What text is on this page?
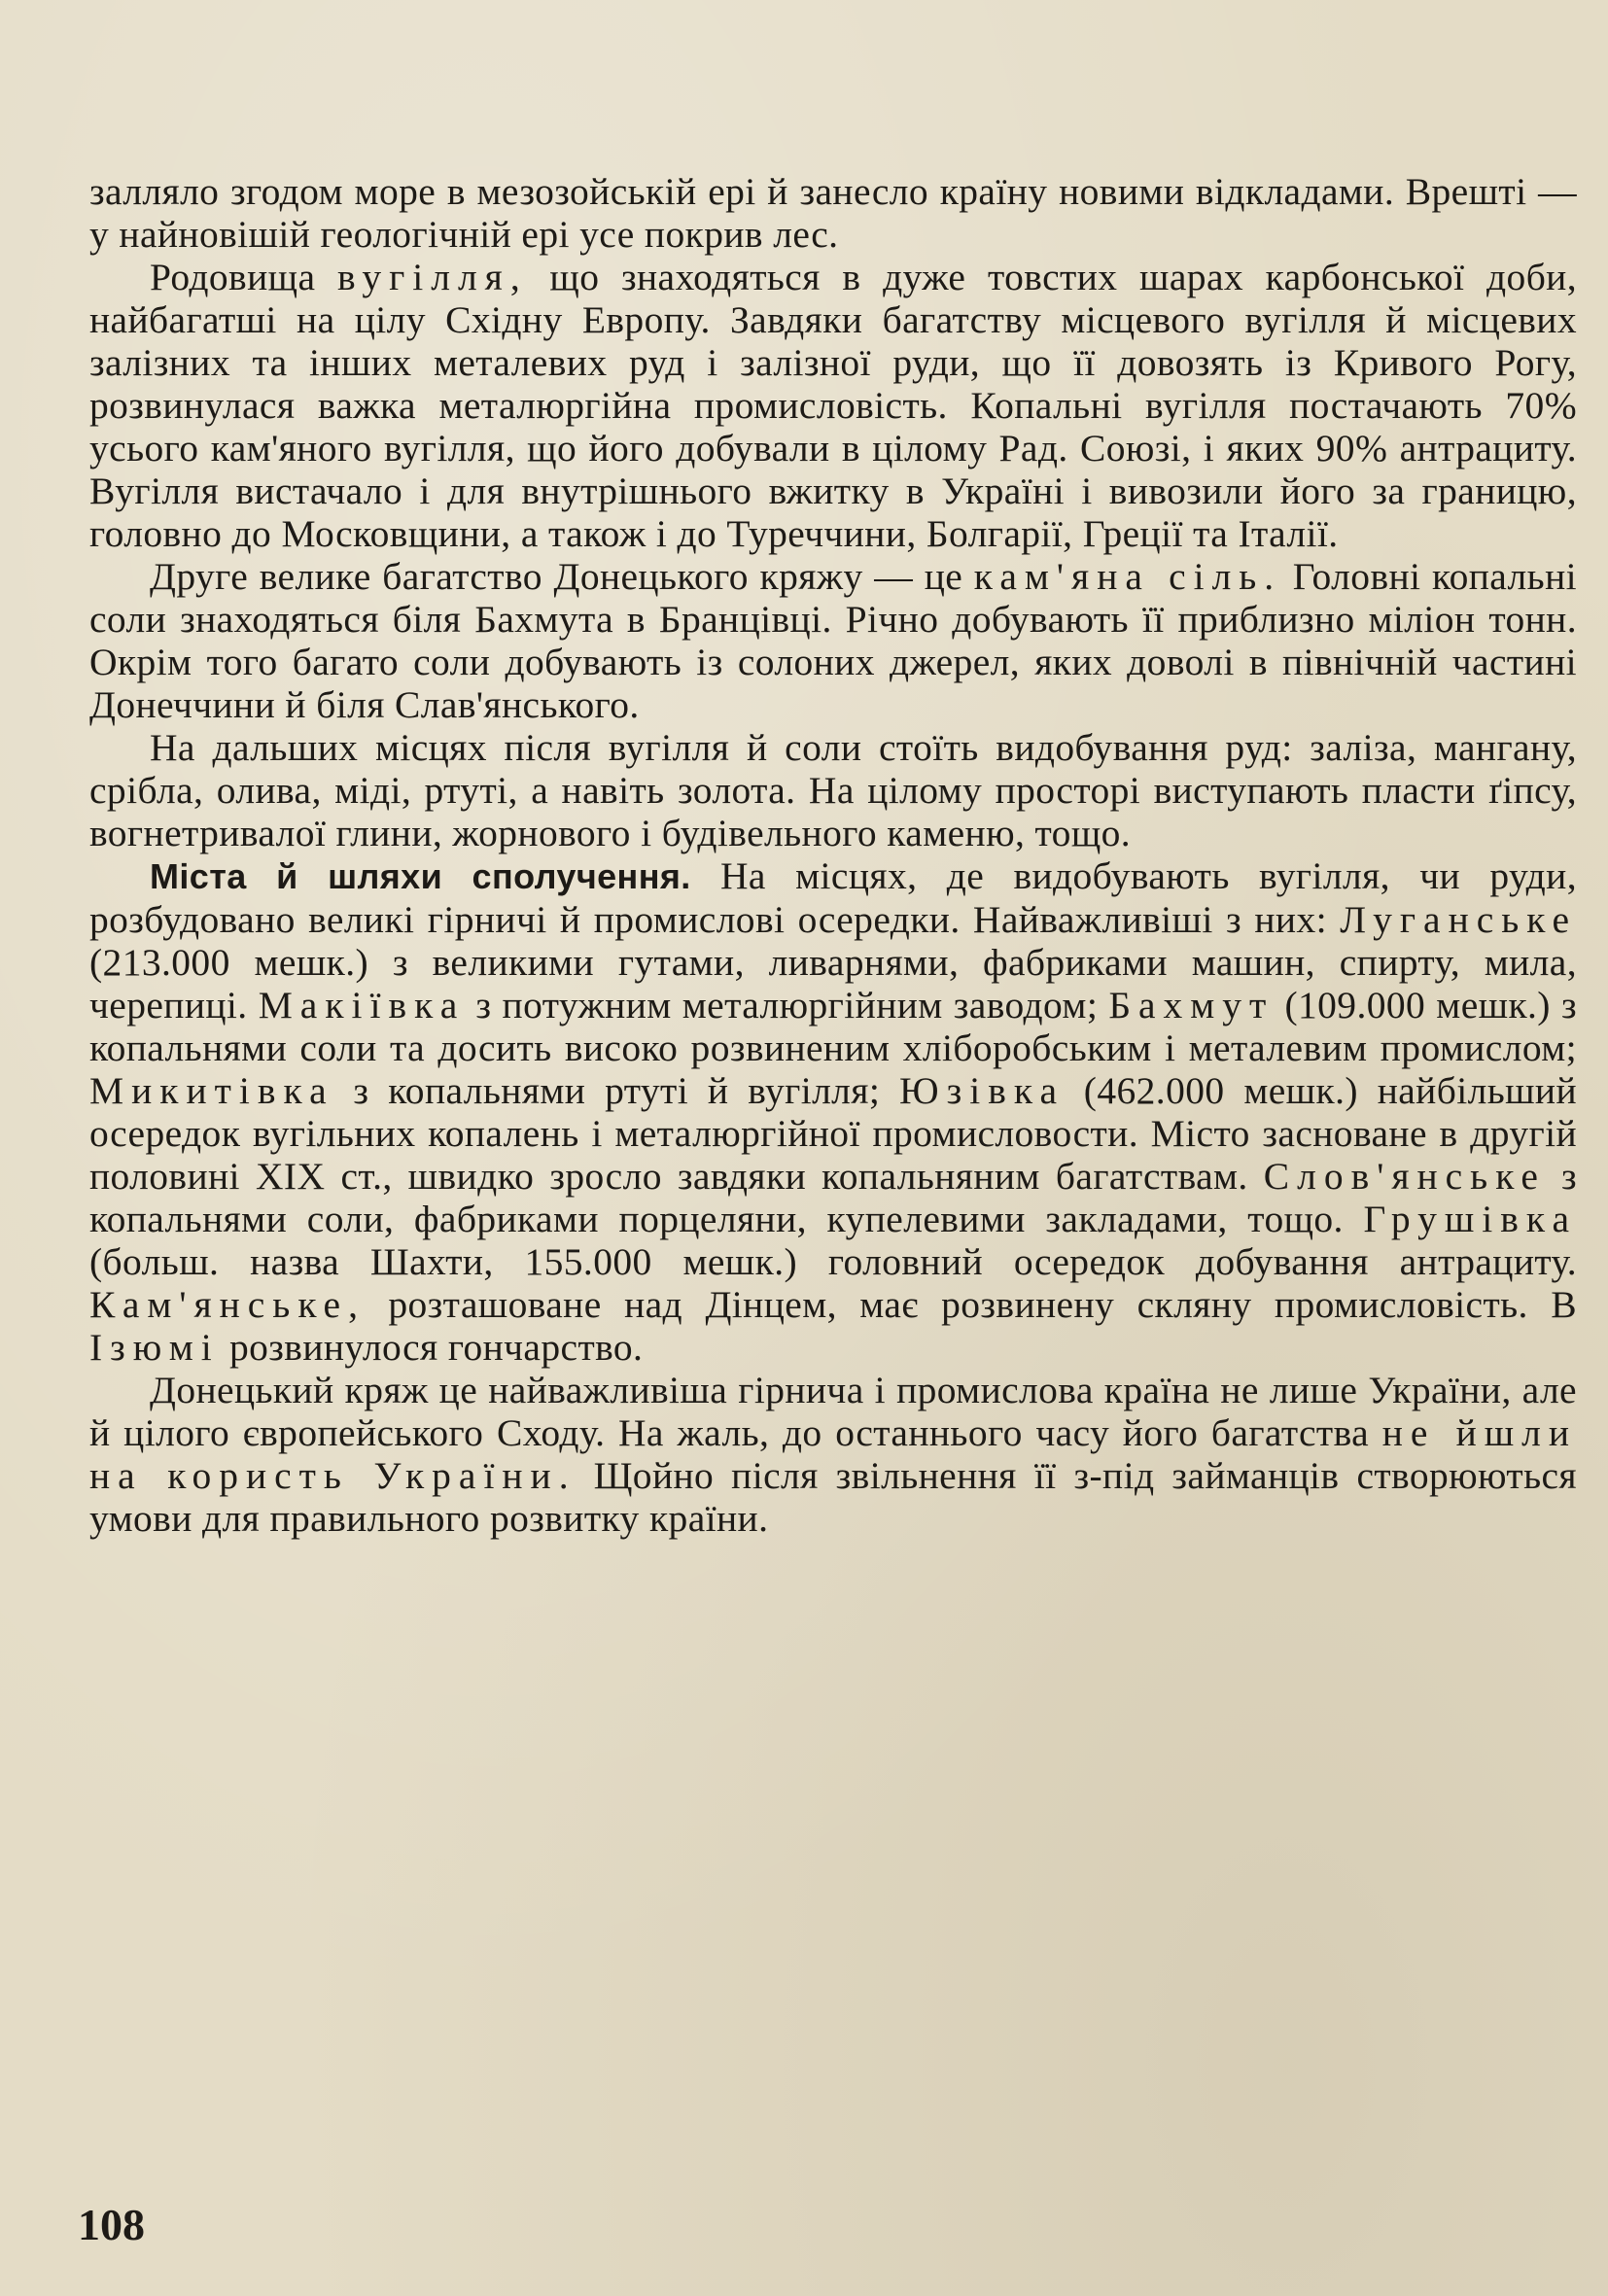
залляло згодом море в мезозойській ері й занесло країну новими відкладами. Врешті — у найновішій геологічній ері усе покрив лес.

Родовища вугілля, що знаходяться в дуже товстих шарах карбонської доби, найбагатші на цілу Східну Европу. Завдяки багатству місцевого вугілля й місцевих залізних та інших металевих руд і залізної руди, що її довозять із Кривого Рогу, розвинулася важка металюргійна промисловість. Копальні вугілля постачають 70% усього кам'яного вугілля, що його добували в цілому Рад. Союзі, і яких 90% антрациту. Вугілля вистачало і для внутрішнього вжитку в Україні і вивозили його за границю, головно до Московщини, а також і до Туреччини, Болгарії, Греції та Італії.

Друге велике багатство Донецького кряжу — це кам'яна сіль. Головні копальні соли знаходяться біля Бахмута в Бранцівці. Річно добувають її приблизно міліон тонн. Окрім того багато соли добувають із солоних джерел, яких доволі в північній частині Донеччини й біля Слав'янського.

На дальших місцях після вугілля й соли стоїть видобування руд: заліза, мангану, срібла, олива, міді, ртуті, а навіть золота. На цілому просторі виступають пласти ґіпсу, вогнетривалої глини, жорнового і будівельного каменю, тощо.

Міста й шляхи сполучення. На місцях, де видобувають вугілля, чи руди, розбудовано великі гірничі й промислові осередки. Найважливіші з них: Луганське (213.000 мешк.) з великими гутами, ливарнями, фабриками машин, спирту, мила, черепиці. Макіївка з потужним металюргійним заводом; Бахмут (109.000 мешк.) з копальнями соли та досить високо розвиненим хліборобським і металевим промислом; Микитівка з копальнями ртуті й вугілля; Юзівка (462.000 мешк.) найбільший осередок вугільних копалень і металюргійної промисловости. Місто засноване в другій половині XIX ст., швидко зросло завдяки копальняним багатствам. Слов'янське з копальнями соли, фабриками порцеляни, купелевими закладами, тощо. Грушівка (больш. назва Шахти, 155.000 мешк.) головний осередок добування антрациту. Кам'янське, розташоване над Дінцем, має розвинену скляну промисловість. В Ізюмі розвинулося гончарство.

Донецький кряж це найважливіша гірнича і промислова країна не лише України, але й цілого європейського Сходу. На жаль, до останнього часу його багатства не йшли на користь України. Щойно після звільнення її з-під займанців створюються умови для правильного розвитку країни.

108
